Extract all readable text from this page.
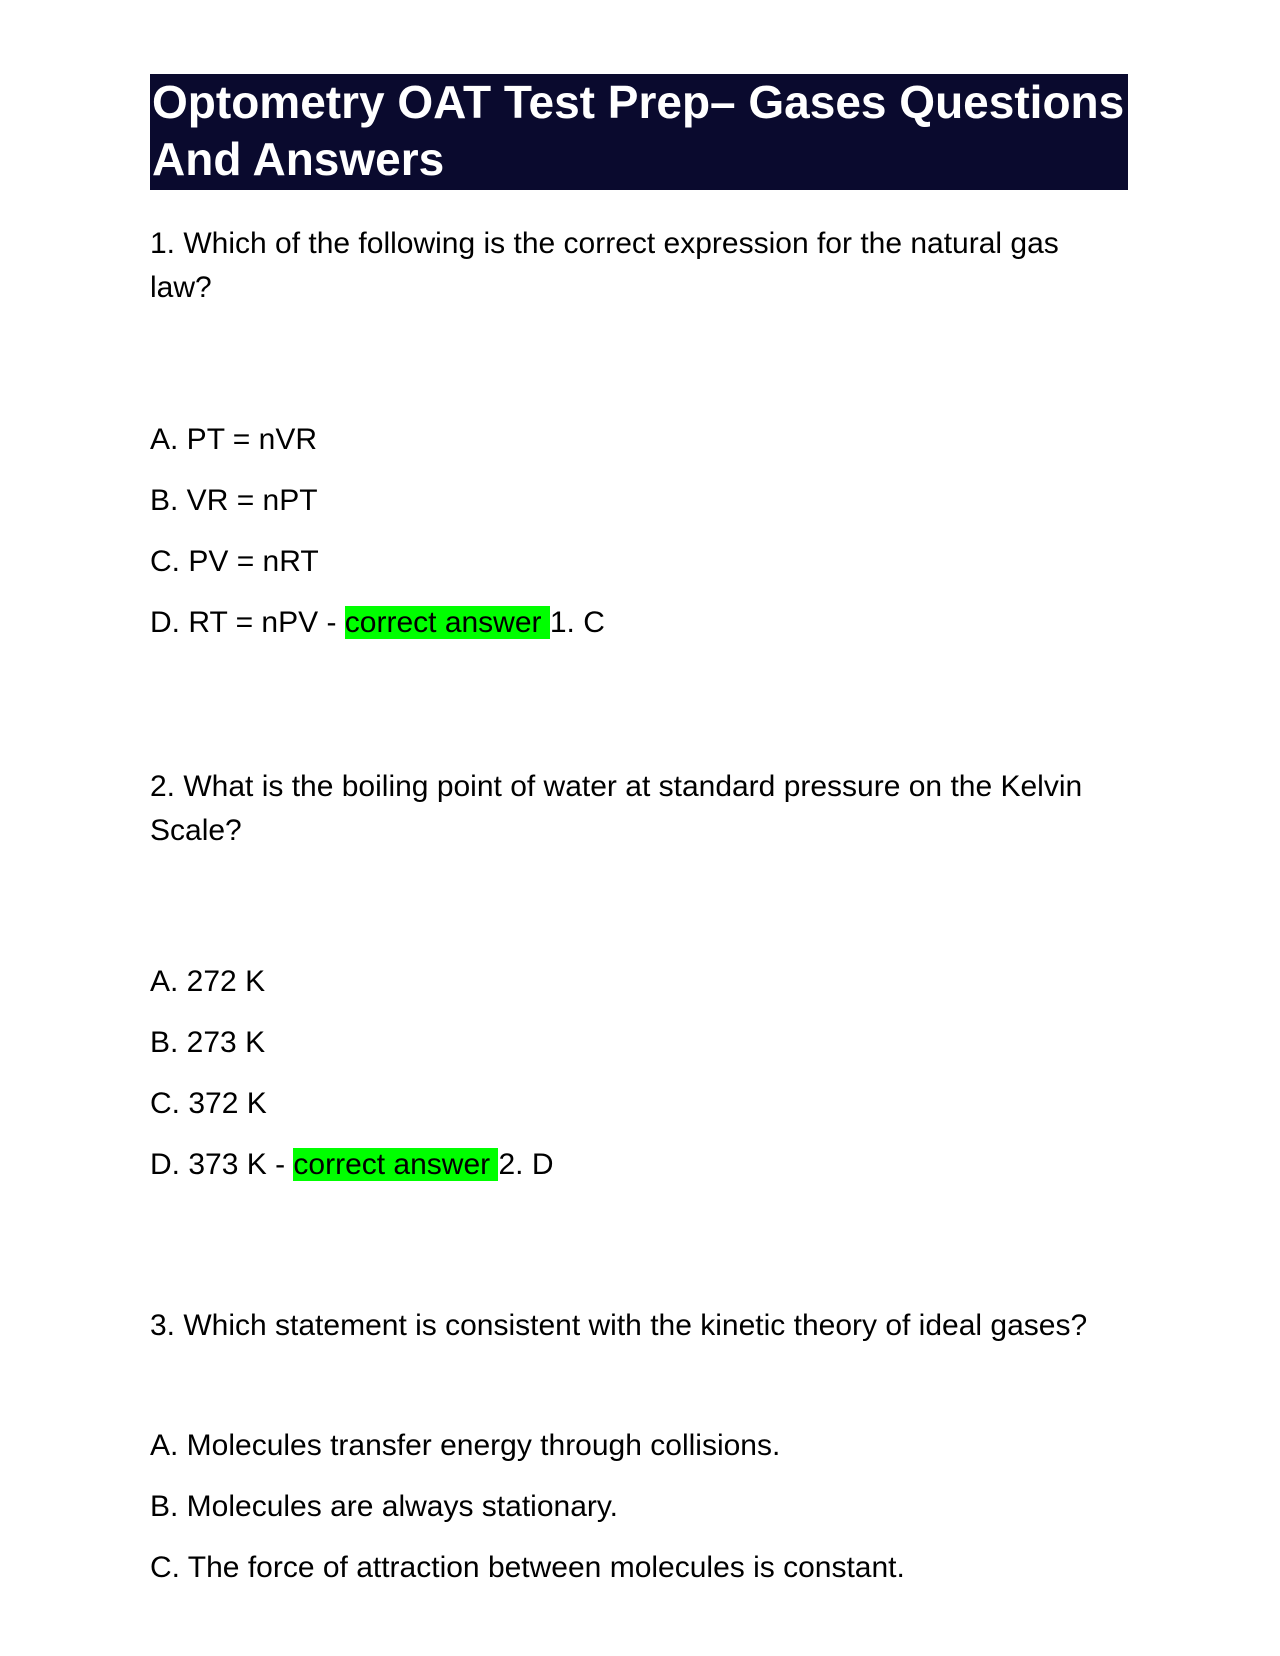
Optometry OAT Test Prep– Gases Questions And Answers

1. Which of the following is the correct expression for the natural gas law?

A. PT = nVR
B. VR = nPT
C. PV = nRT
D. RT = nPV - correct answer 1. C

2. What is the boiling point of water at standard pressure on the Kelvin Scale?

A. 272 K
B. 273 K
C. 372 K
D. 373 K - correct answer 2. D

3. Which statement is consistent with the kinetic theory of ideal gases?

A. Molecules transfer energy through collisions.
B. Molecules are always stationary.
C. The force of attraction between molecules is constant.
